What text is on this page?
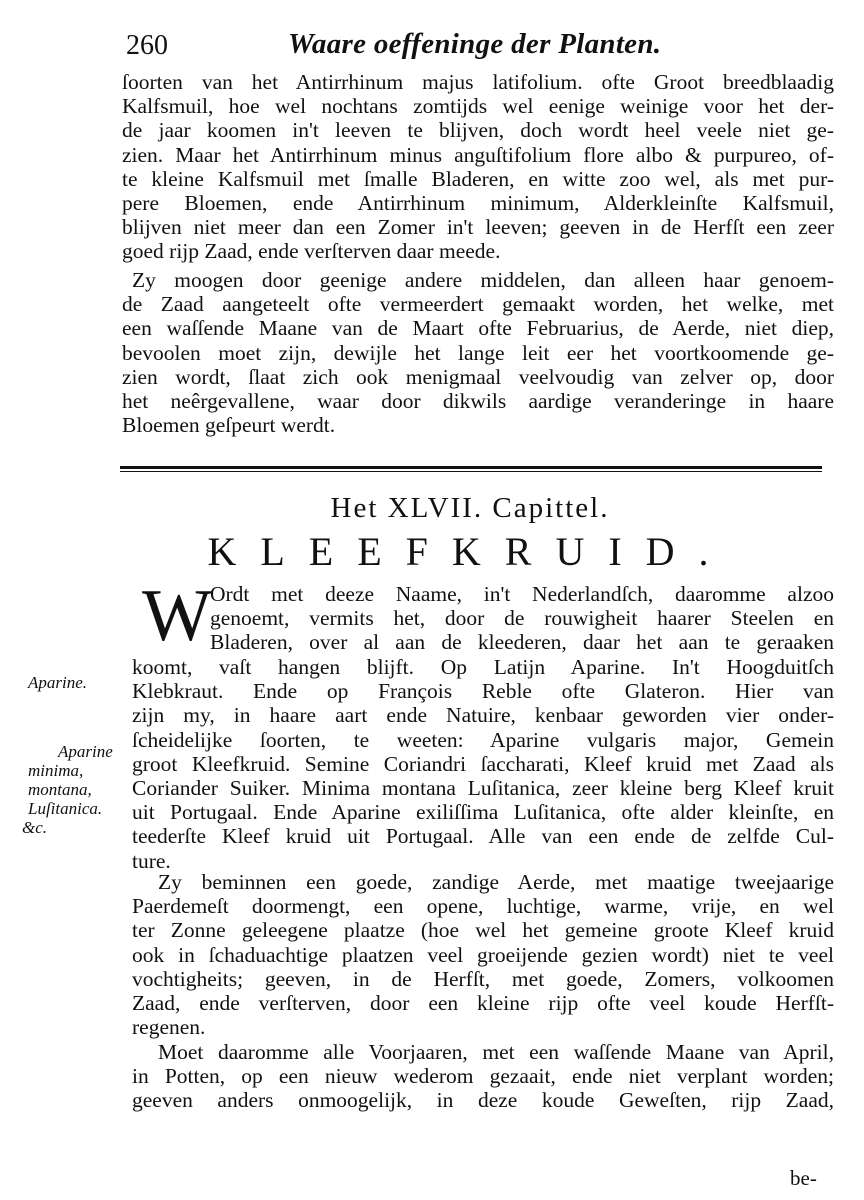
260	Waare oeffeninge der Planten.
ſoorten van het Antirrhinum majus latifolium. ofte Groot breedblaadig
Kalfsmuil, hoe wel nochtans zomtijds wel eenige weinige voor het der-
de jaar koomen in't leeven te blijven, doch wordt heel veele niet ge-
zien. Maar het Antirrhinum minus anguſtifolium flore albo & purpureo, of-
te kleine Kalfsmuil met ſmalle Bladeren, en witte zoo wel, als met pur-
pere Bloemen, ende Antirrhinum minimum, Alderkleinſte Kalfsmuil,
blijven niet meer dan een Zomer in't leeven; geeven in de Herfſt een zeer
goed rijp Zaad, ende verſterven daar meede.
Zy moogen door geenige andere middelen, dan alleen haar genoem-
de Zaad aangeteelt ofte vermeerdert gemaakt worden, het welke, met
een waſſende Maane van de Maart ofte Februarius, de Aerde, niet diep,
bevoolen moet zijn, dewijle het lange leit eer het voortkoomende ge-
zien wordt, ſlaat zich ook menigmaal veelvoudig van zelver op, door
het neêrgevallene, waar door dikwils aardige veranderinge in haare
Bloemen geſpeurt werdt.
Het XLVII. Capittel.
KLEEFKRUID.
W
Ordt met deeze Naame, in't Nederlandſch, daaromme alzoo
genoemt, vermits het, door de rouwigheit haarer Steelen en
Bladeren, over al aan de kleederen, daar het aan te geraaken
koomt, vaſt hangen blijft. Op Latijn Aparine. In't Hoogduitſch
Klebkraut. Ende op François Reble ofte Glateron. Hier van
zijn my, in haare aart ende Natuire, kenbaar geworden vier onder-
ſcheidelijke ſoorten, te weeten: Aparine vulgaris major, Gemein
groot Kleefkruid. Semine Coriandri ſaccharati, Kleef kruid met Zaad als
Coriander Suiker. Minima montana Luſitanica, zeer kleine berg Kleef kruit
uit Portugaal. Ende Aparine exiliſſima Luſitanica, ofte alder kleinſte, en
teederſte Kleef kruid uit Portugaal. Alle van een ende de zelfde Cul-
ture.
Zy beminnen een goede, zandige Aerde, met maatige tweejaarige
Paerdemeſt doormengt, een opene, luchtige, warme, vrije, en wel
ter Zonne geleegene plaatze (hoe wel het gemeine groote Kleef kruid
ook in ſchaduachtige plaatzen veel groeijende gezien wordt) niet te veel
vochtigheits; geeven, in de Herfſt, met goede, Zomers, volkoomen
Zaad, ende verſterven, door een kleine rijp ofte veel koude Herfſt-
regenen.
Moet daaromme alle Voorjaaren, met een waſſende Maane van April,
in Potten, op een nieuw wederom gezaait, ende niet verplant worden;
geeven anders onmoogelijk, in deze koude Geweſten, rijp Zaad,
Aparine.
Aparine
minima,
montana,
Luſitanica.
&c.
be-
